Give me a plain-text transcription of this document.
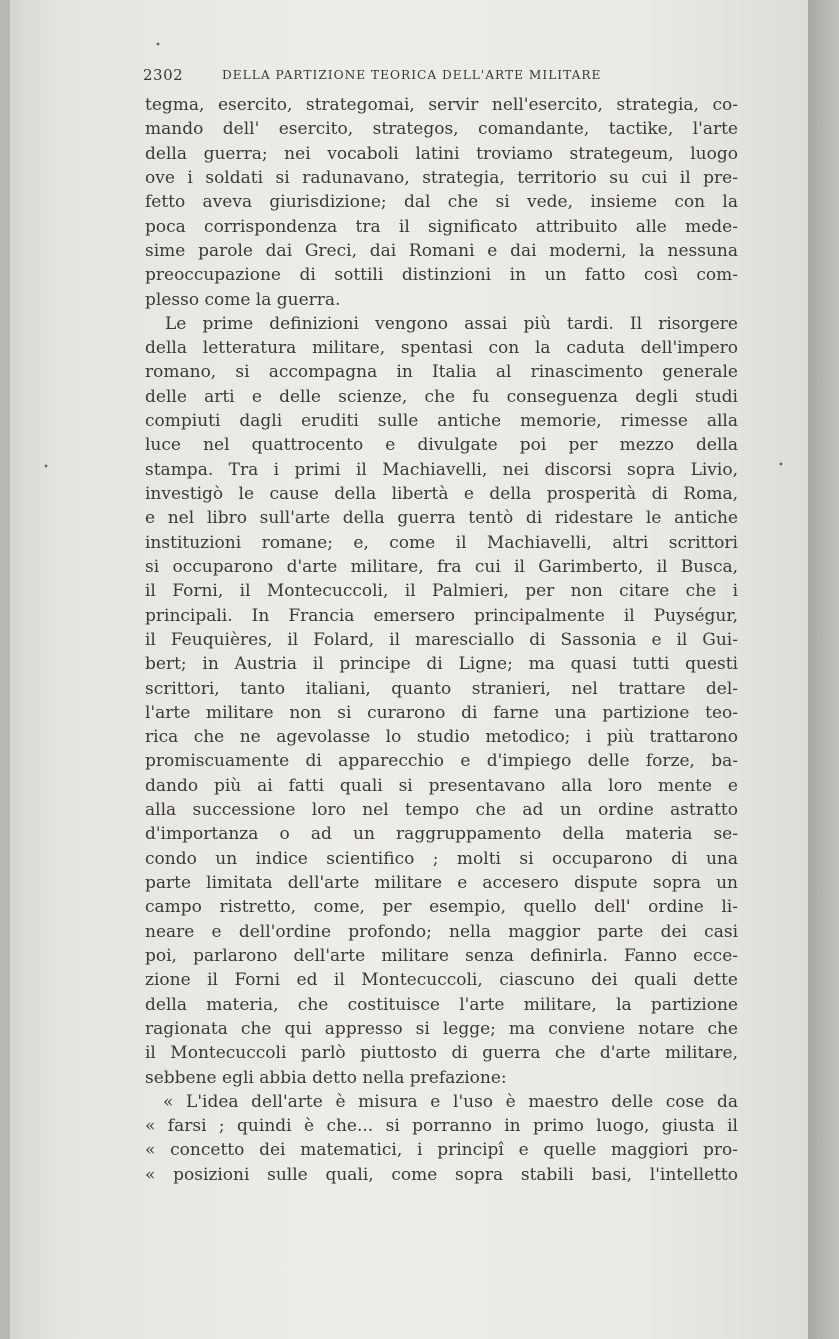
•
•	•
2302	DELLA PARTIZIONE TEORICA DELL'ARTE MILITARE
tegma, esercito, strategomai, servir nell'esercito, strategia, co-
mando dell' esercito, strategos, comandante, tactike, l'arte
della guerra; nei vocaboli latini troviamo strategeum, luogo
ove i soldati si radunavano, strategia, territorio su cui il pre-
fetto aveva giurisdizione; dal che si vede, insieme con la
poca corrispondenza tra il significato attribuito alle mede-
sime parole dai Greci, dai Romani e dai moderni, la nessuna
preoccupazione di sottili distinzioni in un fatto così com-
plesso come la guerra.
Le prime definizioni vengono assai più tardi. Il risorgere
della letteratura militare, spentasi con la caduta dell'impero
romano, si accompagna in Italia al rinascimento generale
delle arti e delle scienze, che fu conseguenza degli studi
compiuti dagli eruditi sulle antiche memorie, rimesse alla
luce nel quattrocento e divulgate poi per mezzo della
stampa. Tra i primi il Machiavelli, nei discorsi sopra Livio,
investigò le cause della libertà e della prosperità di Roma,
e nel libro sull'arte della guerra tentò di ridestare le antiche
instituzioni romane; e, come il Machiavelli, altri scrittori
si occuparono d'arte militare, fra cui il Garimberto, il Busca,
il Forni, il Montecuccoli, il Palmieri, per non citare che i
principali. In Francia emersero principalmente il Puységur,
il Feuquières, il Folard, il maresciallo di Sassonia e il Gui-
bert; in Austria il principe di Ligne; ma quasi tutti questi
scrittori, tanto italiani, quanto stranieri, nel trattare del-
l'arte militare non si curarono di farne una partizione teo-
rica che ne agevolasse lo studio metodico; i più trattarono
promiscuamente di apparecchio e d'impiego delle forze, ba-
dando più ai fatti quali si presentavano alla loro mente e
alla successione loro nel tempo che ad un ordine astratto
d'importanza o ad un raggruppamento della materia se-
condo un indice scientifico ; molti si occuparono di una
parte limitata dell'arte militare e accesero dispute sopra un
campo ristretto, come, per esempio, quello dell' ordine li-
neare e dell'ordine profondo; nella maggior parte dei casi
poi, parlarono dell'arte militare senza definirla. Fanno ecce-
zione il Forni ed il Montecuccoli, ciascuno dei quali dette
della materia, che costituisce l'arte militare, la partizione
ragionata che qui appresso si legge; ma conviene notare che
il Montecuccoli parlò piuttosto di guerra che d'arte militare,
sebbene egli abbia detto nella prefazione:
« L'idea dell'arte è misura e l'uso è maestro delle cose da
« farsi ; quindi è che... si porranno in primo luogo, giusta il
« concetto dei matematici, i principî e quelle maggiori pro-
« posizioni sulle quali, come sopra stabili basi, l'intelletto
